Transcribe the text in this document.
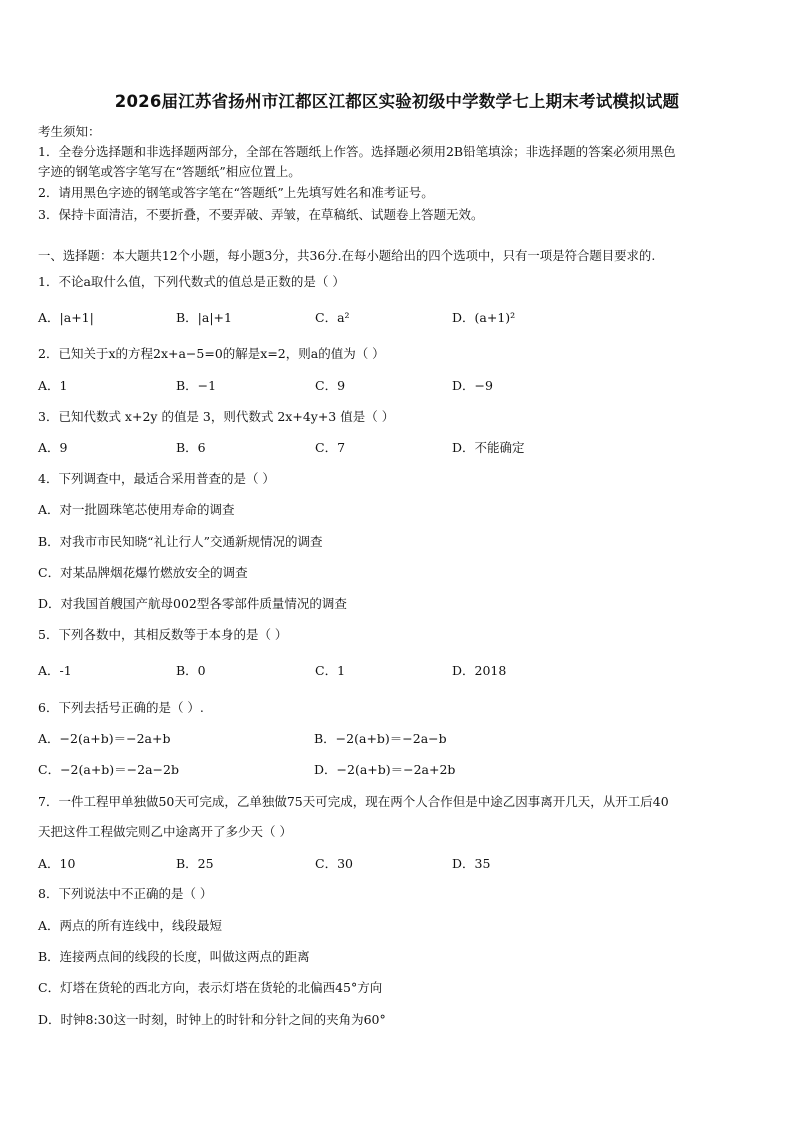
2026届江苏省扬州市江都区江都区实验初级中学数学七上期末考试模拟试题
考生须知：
1．全卷分选择题和非选择题两部分，全部在答题纸上作答。选择题必须用2B铅笔填涂；非选择题的答案必须用黑色
字迹的钢笔或答字笔写在“答题纸”相应位置上。
2．请用黑色字迹的钢笔或答字笔在“答题纸”上先填写姓名和准考证号。
3．保持卡面清洁，不要折叠，不要弄破、弄皱，在草稿纸、试题卷上答题无效。
一、选择题：本大题共12个小题，每小题3分，共36分.在每小题给出的四个选项中，只有一项是符合题目要求的.
1．不论a取什么值，下列代数式的值总是正数的是（ ）
A．|a+1|	B．|a|+1	C．a²	D．(a+1)²
2．已知关于x的方程2x+a−5=0的解是x=2，则a的值为（ ）
A．1	B．−1	C．9	D．−9
3．已知代数式 x+2y 的值是 3，则代数式 2x+4y+3 值是（ ）
A．9	B．6	C．7	D．不能确定
4．下列调查中，最适合采用普查的是（ ）
A．对一批圆珠笔芯使用寿命的调查
B．对我市市民知晓“礼让行人”交通新规情况的调查
C．对某品牌烟花爆竹燃放安全的调查
D．对我国首艘国产航母002型各零部件质量情况的调查
5．下列各数中，其相反数等于本身的是（ ）
A．-1	B．0	C．1	D．2018
6．下列去括号正确的是（ ）.
A．−2(a+b)＝−2a+b	B．−2(a+b)＝−2a−b
C．−2(a+b)＝−2a−2b	D．−2(a+b)＝−2a+2b
7．一件工程甲单独做50天可完成，乙单独做75天可完成，现在两个人合作但是中途乙因事离开几天，从开工后40
天把这件工程做完则乙中途离开了多少天（ ）
A．10	B．25	C．30	D．35
8．下列说法中不正确的是（ ）
A．两点的所有连线中，线段最短
B．连接两点间的线段的长度，叫做这两点的距离
C．灯塔在货轮的西北方向，表示灯塔在货轮的北偏西45°方向
D．时钟8:30这一时刻，时钟上的时针和分针之间的夹角为60°
